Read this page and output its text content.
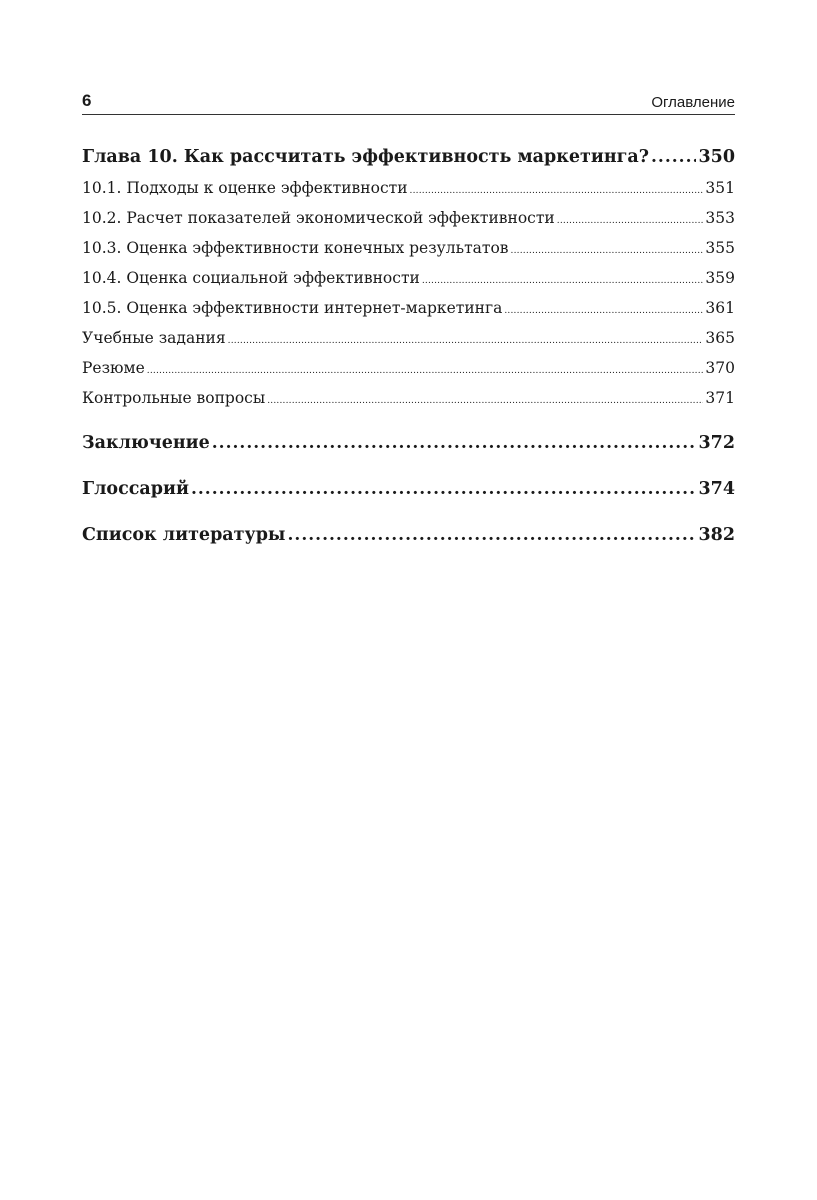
6	Оглавление
Глава 10. Как рассчитать эффективность маркетинга? .....	350
10.1. Подходы к оценке эффективности .....	351
10.2. Расчет показателей экономической эффективности .....	353
10.3. Оценка эффективности конечных результатов .....	355
10.4. Оценка социальной эффективности .....	359
10.5. Оценка эффективности интернет-маркетинга .....	361
Учебные задания .....	365
Резюме .....	370
Контрольные вопросы .....	371
Заключение .....	372
Глоссарий .....	374
Список литературы .....	382
